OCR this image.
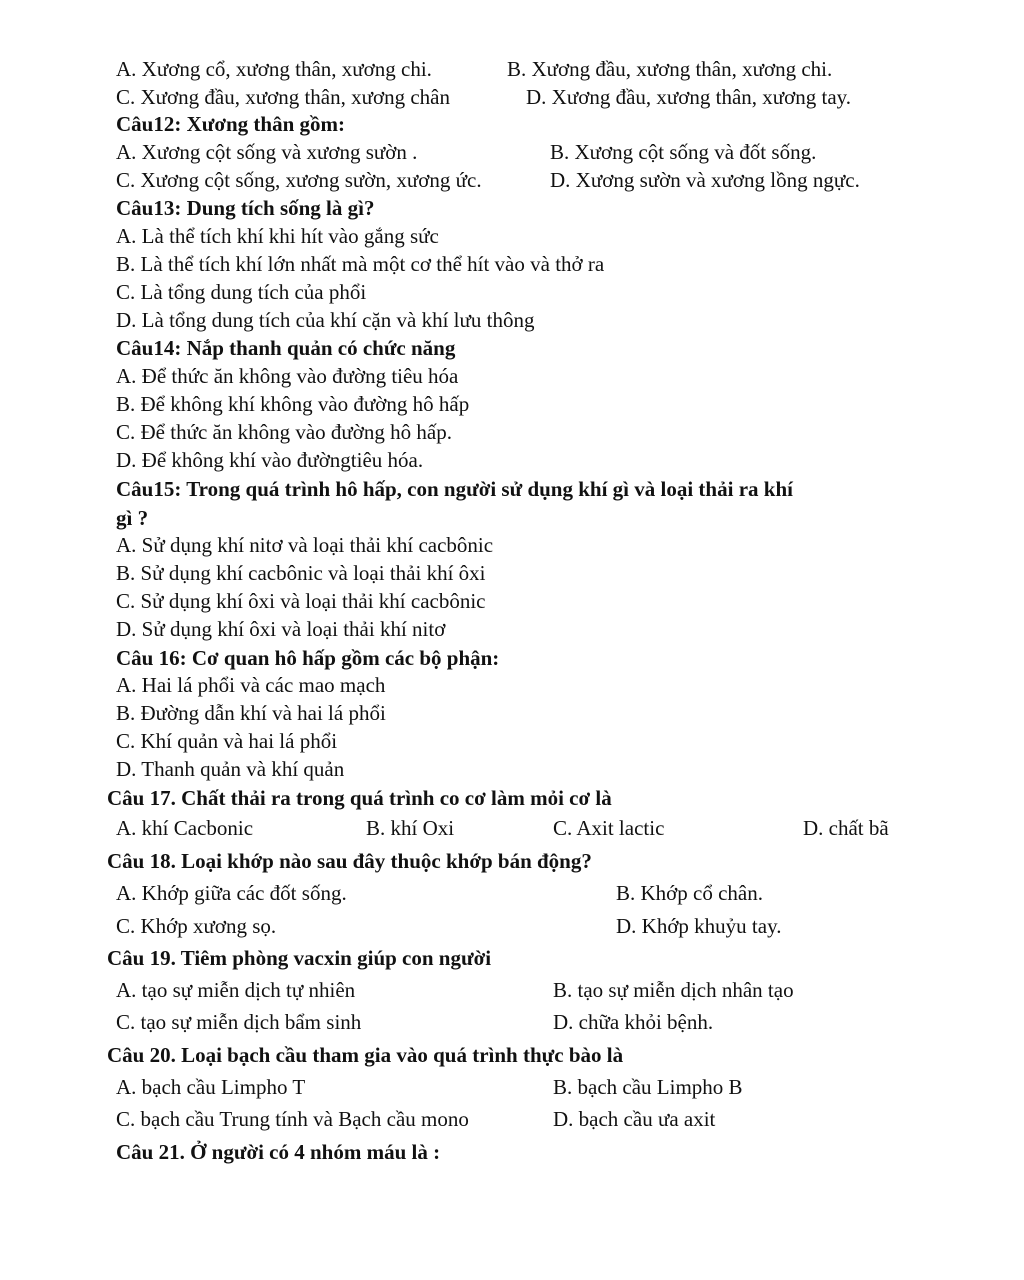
A. Xương cổ, xương thân, xương chi.	B. Xương đầu, xương thân, xương chi.
C. Xương đầu, xương thân, xương chân	D. Xương đầu, xương thân, xương tay.
Câu12: Xương thân gồm:
A. Xương cột sống và xương sườn .	B. Xương cột sống và đốt sống.
C. Xương cột sống, xương sườn, xương ức.	D. Xương sườn và xương lồng ngực.
Câu13: Dung tích sống là gì?
A. Là thể tích khí khi hít vào gắng sức
B. Là thể tích khí lớn nhất mà một cơ thể hít vào và thở ra
C. Là tổng dung tích của phổi
D. Là tổng dung tích của khí cặn và khí lưu thông
Câu14: Nắp thanh quản có chức năng
A. Để thức ăn không vào đường tiêu hóa
B. Để không khí không vào đường hô hấp
C. Để thức ăn không vào đường hô hấp.
D. Để không khí vào đườngtiêu hóa.
Câu15: Trong quá trình hô hấp, con người sử dụng khí gì và loại thải ra khí
gì ?
A. Sử dụng khí nitơ và loại thải khí cacbônic
B. Sử dụng khí cacbônic và loại thải khí ôxi
C. Sử dụng khí ôxi và loại thải khí cacbônic
D. Sử dụng khí ôxi và loại thải khí nitơ
Câu 16: Cơ quan hô hấp gồm các bộ phận:
A. Hai lá phổi và các mao mạch
B. Đường dẫn khí và hai lá phổi
C. Khí quản và hai lá phổi
D. Thanh quản và khí quản
Câu 17. Chất thải ra trong quá trình co cơ làm mỏi cơ là
A. khí Cacbonic	B. khí Oxi	C. Axit lactic	D. chất bã
Câu 18. Loại khớp nào sau đây thuộc khớp bán động?
A. Khớp giữa các đốt sống.	B. Khớp cổ chân.
C. Khớp xương sọ.	D. Khớp khuỷu tay.
Câu 19. Tiêm phòng vacxin giúp con người
A. tạo sự miễn dịch tự nhiên	B. tạo sự miễn dịch nhân tạo
C. tạo sự miễn dịch bẩm sinh	D. chữa khỏi bệnh.
Câu 20. Loại bạch cầu tham gia vào quá trình thực bào là
A. bạch cầu Limpho T	B. bạch cầu Limpho B
C. bạch cầu Trung tính và Bạch cầu mono	D. bạch cầu ưa axit
Câu 21. Ở người có 4 nhóm máu là :
